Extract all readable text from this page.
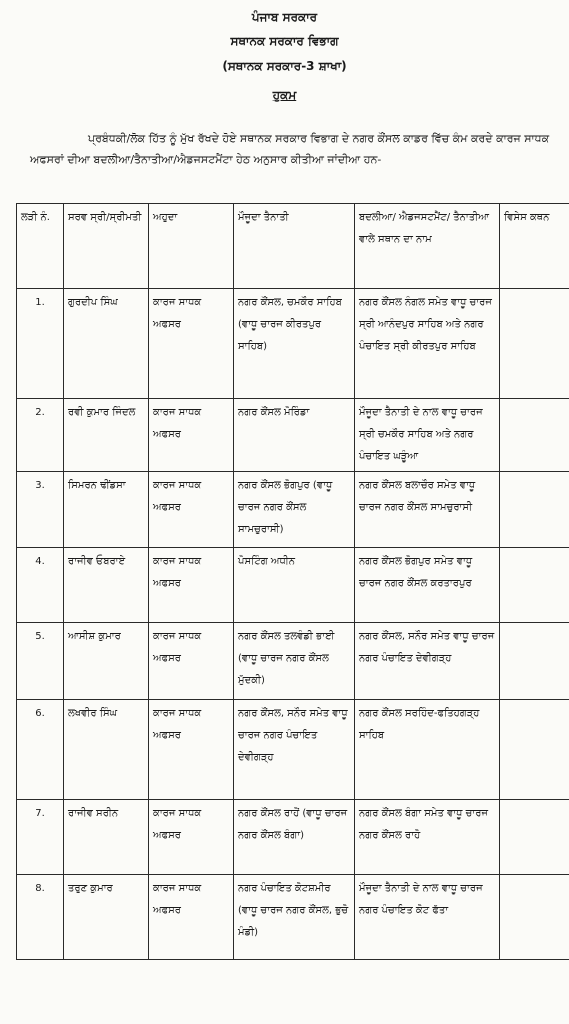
ਪੰਜਾਬ ਸਰਕਾਰ
ਸਥਾਨਕ ਸਰਕਾਰ ਵਿਭਾਗ
(ਸਥਾਨਕ ਸਰਕਾਰ-3 ਸ਼ਾਖਾ)
ਹੁਕਮ
ਪ੍ਰਬੰਧਕੀ/ਲੋਕ ਹਿੱਤ ਨੂੰ ਮੁੱਖ ਰੱਖਦੇ ਹੋਏ ਸਥਾਨਕ ਸਰਕਾਰ ਵਿਭਾਗ ਦੇ ਨਗਰ ਕੌਂਸਲ ਕਾਡਰ ਵਿੱਚ ਕੰਮ ਕਰਦੇ ਕਾਰਜ ਸਾਧਕ ਅਫਸਰਾਂ ਦੀਆ ਬਦਲੀਆ/ਤੈਨਾਤੀਆ/ਐਡਜਸਟਮੈਂਟਾ ਹੇਠ ਅਨੁਸਾਰ ਕੀਤੀਆ ਜਾਂਦੀਆ ਹਨ-
ਲੜੀ ਨੰ.	ਸਰਵ ਸ੍ਰੀ/ਸ੍ਰੀਮਤੀ	ਅਹੁਦਾ	ਮੌਜੂਦਾ ਤੈਨਾਤੀ	ਬਦਲੀਆ/ ਐਡਜਸਟਮੈਂਟ/ ਤੈਨਾਤੀਆ ਵਾਲੇ ਸਥਾਨ ਦਾ ਨਾਮ	ਵਿਸੇਸ ਕਥਨ
1.	ਗੁਰਦੀਪ ਸਿੰਘ	ਕਾਰਜ ਸਾਧਕ ਅਫਸਰ	ਨਗਰ ਕੌਂਸਲ, ਚਮਕੌਰ ਸਾਹਿਬ (ਵਾਧੂ ਚਾਰਜ ਕੀਰਤਪੁਰ ਸਾਹਿਬ)	ਨਗਰ ਕੌਂਸਲ ਨੰਗਲ ਸਮੇਤ ਵਾਧੂ ਚਾਰਜ ਸ੍ਰੀ ਆਨੰਦਪੁਰ ਸਾਹਿਬ ਅਤੇ ਨਗਰ ਪੰਚਾਇਤ ਸ੍ਰੀ ਕੀਰਤਪੁਰ ਸਾਹਿਬ	
2.	ਰਵੀ ਕੁਮਾਰ ਜਿੰਦਲ	ਕਾਰਜ ਸਾਧਕ ਅਫਸਰ	ਨਗਰ ਕੌਂਸਲ ਮੋਰਿੰਡਾ	ਮੌਜੂਦਾ ਤੈਨਾਤੀ ਦੇ ਨਾਲ ਵਾਧੂ ਚਾਰਜ ਸ੍ਰੀ ਚਮਕੌਰ ਸਾਹਿਬ ਅਤੇ ਨਗਰ ਪੰਚਾਇਤ ਘੜੂੰਆ	
3.	ਸਿਮਰਨ ਢੀਂਡਸਾ	ਕਾਰਜ ਸਾਧਕ ਅਫਸਰ	ਨਗਰ ਕੌਂਸਲ ਭੋਗਪੁਰ (ਵਾਧੂ ਚਾਰਜ ਨਗਰ ਕੌਂਸਲ ਸਾਮਚੁਰਾਸੀ)	ਨਗਰ ਕੌਂਸਲ ਬਲਾਚੌਰ ਸਮੇਤ ਵਾਧੂ ਚਾਰਜ ਨਗਰ ਕੌਂਸਲ ਸਾਮਚੁਰਾਸੀ	
4.	ਰਾਜੀਵ ਓਬਰਾਏ	ਕਾਰਜ ਸਾਧਕ ਅਫਸਰ	ਪੋਸਟਿੰਗ ਅਧੀਨ	ਨਗਰ ਕੌਂਸਲ ਭੋਗਪੁਰ ਸਮੇਤ ਵਾਧੂ ਚਾਰਜ ਨਗਰ ਕੌਂਸਲ ਕਰਤਾਰਪੁਰ	
5.	ਆਸੀਸ਼ ਕੁਮਾਰ	ਕਾਰਜ ਸਾਧਕ ਅਫਸਰ	ਨਗਰ ਕੌਂਸਲ ਤਲਵੰਡੀ ਭਾਈ (ਵਾਧੂ ਚਾਰਜ ਨਗਰ ਕੌਂਸਲ ਮੁੱਦਕੀ)	ਨਗਰ ਕੌਂਸਲ, ਸਨੌਰ ਸਮੇਤ ਵਾਧੂ ਚਾਰਜ ਨਗਰ ਪੰਚਾਇਤ ਦੇਵੀਗੜ੍ਹ	
6.	ਲਖਵੀਰ ਸਿੰਘ	ਕਾਰਜ ਸਾਧਕ ਅਫਸਰ	ਨਗਰ ਕੌਂਸਲ, ਸਨੌਰ ਸਮੇਤ ਵਾਧੂ ਚਾਰਜ ਨਗਰ ਪੰਚਾਇਤ ਦੇਵੀਗੜ੍ਹ	ਨਗਰ ਕੌਂਸਲ ਸਰਹਿੰਦ-ਫਤਿਹਗੜ੍ਹ ਸਾਹਿਬ	
7.	ਰਾਜੀਵ ਸਰੀਨ	ਕਾਰਜ ਸਾਧਕ ਅਫਸਰ	ਨਗਰ ਕੌਂਸਲ ਰਾਹੋਂ (ਵਾਧੂ ਚਾਰਜ ਨਗਰ ਕੌਂਸਲ ਬੰਗਾ)	ਨਗਰ ਕੌਂਸਲ ਬੰਗਾ ਸਮੇਤ ਵਾਧੂ ਚਾਰਜ ਨਗਰ ਕੌਂਸਲ ਰਾਹੋ	
8.	ਤਰੁਣ ਕੁਮਾਰ	ਕਾਰਜ ਸਾਧਕ ਅਫਸਰ	ਨਗਰ ਪੰਚਾਇਤ ਕੋਟਸ਼ਮੀਰ (ਵਾਧੂ ਚਾਰਜ ਨਗਰ ਕੌਂਸਲ, ਭੁਚੋ ਮੰਡੀ)	ਮੌਜੂਦਾ ਤੈਨਾਤੀ ਦੇ ਨਾਲ ਵਾਧੂ ਚਾਰਜ ਨਗਰ ਪੰਚਾਇਤ ਕੋਟ ਫੱਤਾ	
